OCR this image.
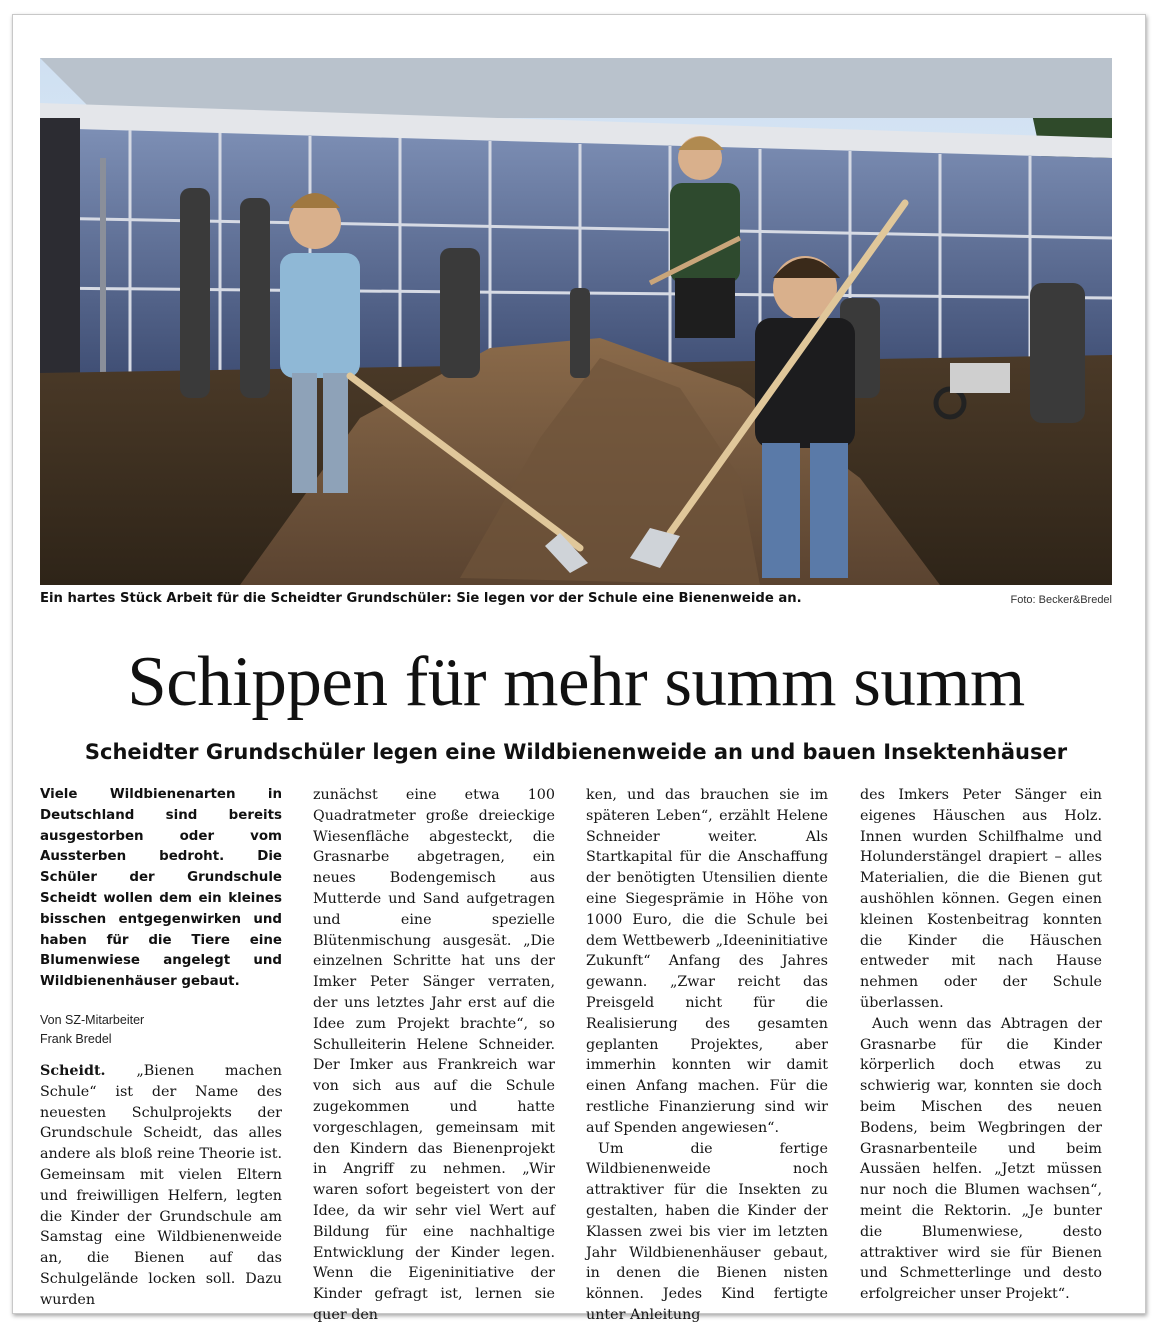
Ein hartes Stück Arbeit für die Scheidter Grundschüler: Sie legen vor der Schule eine Bienenweide an.	Foto: Becker&Bredel
Schippen für mehr summ summ
Scheidter Grundschüler legen eine Wildbienenweide an und bauen Insektenhäuser
Viele Wildbienenarten in Deutschland sind bereits ausgestorben oder vom Aussterben bedroht. Die Schüler der Grundschule Scheidt wollen dem ein kleines bisschen entgegenwirken und haben für die Tiere eine Blumenwiese angelegt und Wildbienenhäuser gebaut.
Von SZ-Mitarbeiter
Frank Bredel

Scheidt. „Bienen machen Schule“ ist der Name des neuesten Schulprojekts der Grundschule Scheidt, das alles andere als bloß reine Theorie ist. Gemeinsam mit vielen Eltern und freiwilligen Helfern, legten die Kinder der Grundschule am Samstag eine Wildbienenweide an, die Bienen auf das Schulgelände locken soll. Dazu wurden

zunächst eine etwa 100 Quadratmeter große dreieckige Wiesenfläche abgesteckt, die Grasnarbe abgetragen, ein neues Bodengemisch aus Mutterde und Sand aufgetragen und eine spezielle Blütenmischung ausgesät. „Die einzelnen Schritte hat uns der Imker Peter Sänger verraten, der uns letztes Jahr erst auf die Idee zum Projekt brachte“, so Schulleiterin Helene Schneider. Der Imker aus Frankreich war von sich aus auf die Schule zugekommen und hatte vorgeschlagen, gemeinsam mit den Kindern das Bienenprojekt in Angriff zu nehmen. „Wir waren sofort begeistert von der Idee, da wir sehr viel Wert auf Bildung für eine nachhaltige Entwicklung der Kinder legen. Wenn die Eigeninitiative der Kinder gefragt ist, lernen sie quer den

ken, und das brauchen sie im späteren Leben“, erzählt Helene Schneider weiter. Als Startkapital für die Anschaffung der benötigten Utensilien diente eine Siegesprämie in Höhe von 1000 Euro, die die Schule bei dem Wettbewerb „Ideeninitiative Zukunft“ Anfang des Jahres gewann. „Zwar reicht das Preisgeld nicht für die Realisierung des gesamten geplanten Projektes, aber immerhin konnten wir damit einen Anfang machen. Für die restliche Finanzierung sind wir auf Spenden angewiesen“.

Um die fertige Wildbienenweide noch attraktiver für die Insekten zu gestalten, haben die Kinder der Klassen zwei bis vier im letzten Jahr Wildbienenhäuser gebaut, in denen die Bienen nisten können. Jedes Kind fertigte unter Anleitung

des Imkers Peter Sänger ein eigenes Häuschen aus Holz. Innen wurden Schilfhalme und Holunderstängel drapiert – alles Materialien, die die Bienen gut aushöhlen können. Gegen einen kleinen Kostenbeitrag konnten die Kinder die Häuschen entweder mit nach Hause nehmen oder der Schule überlassen.

Auch wenn das Abtragen der Grasnarbe für die Kinder körperlich doch etwas zu schwierig war, konnten sie doch beim Mischen des neuen Bodens, beim Wegbringen der Grasnarbenteile und beim Aussäen helfen. „Jetzt müssen nur noch die Blumen wachsen“, meint die Rektorin. „Je bunter die Blumenwiese, desto attraktiver wird sie für Bienen und Schmetterlinge und desto erfolgreicher unser Projekt“.
